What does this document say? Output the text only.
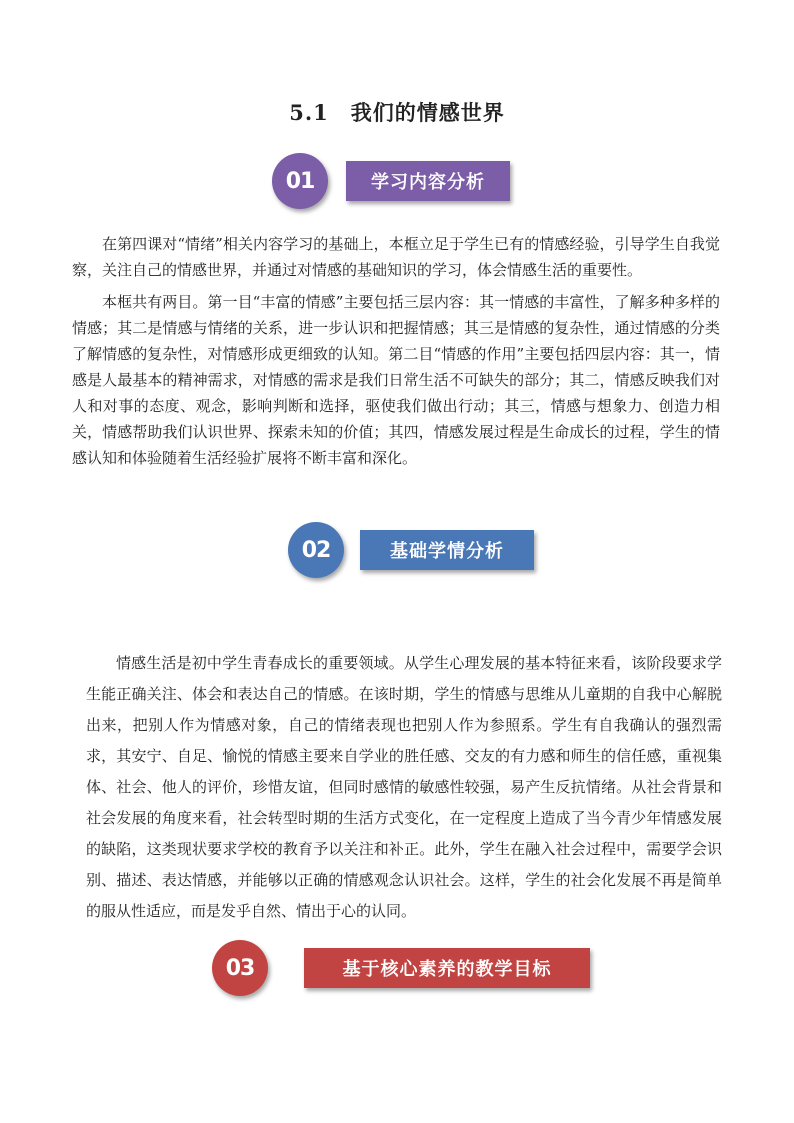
5.1　我们的情感世界
01	学习内容分析

在第四课对“情绪”相关内容学习的基础上，本框立足于学生已有的情感经验，引导学生自我觉察，关注自己的情感世界，并通过对情感的基础知识的学习，体会情感生活的重要性。

本框共有两目。第一目“丰富的情感”主要包括三层内容：其一情感的丰富性，了解多种多样的情感；其二是情感与情绪的关系，进一步认识和把握情感；其三是情感的复杂性，通过情感的分类了解情感的复杂性，对情感形成更细致的认知。第二目“情感的作用”主要包括四层内容：其一，情感是人最基本的精神需求，对情感的需求是我们日常生活不可缺失的部分；其二，情感反映我们对人和对事的态度、观念，影响判断和选择，驱使我们做出行动；其三，情感与想象力、创造力相关，情感帮助我们认识世界、探索未知的价值；其四，情感发展过程是生命成长的过程，学生的情感认知和体验随着生活经验扩展将不断丰富和深化。

02	基础学情分析

情感生活是初中学生青春成长的重要领域。从学生心理发展的基本特征来看，该阶段要求学生能正确关注、体会和表达自己的情感。在该时期，学生的情感与思维从儿童期的自我中心解脱出来，把别人作为情感对象，自己的情绪表现也把别人作为参照系。学生有自我确认的强烈需求，其安宁、自足、愉悦的情感主要来自学业的胜任感、交友的有力感和师生的信任感，重视集体、社会、他人的评价，珍惜友谊，但同时感情的敏感性较强，易产生反抗情绪。从社会背景和社会发展的角度来看，社会转型时期的生活方式变化，在一定程度上造成了当今青少年情感发展的缺陷，这类现状要求学校的教育予以关注和补正。此外，学生在融入社会过程中，需要学会识别、描述、表达情感，并能够以正确的情感观念认识社会。这样，学生的社会化发展不再是简单的服从性适应，而是发乎自然、情出于心的认同。

03	基于核心素养的教学目标
